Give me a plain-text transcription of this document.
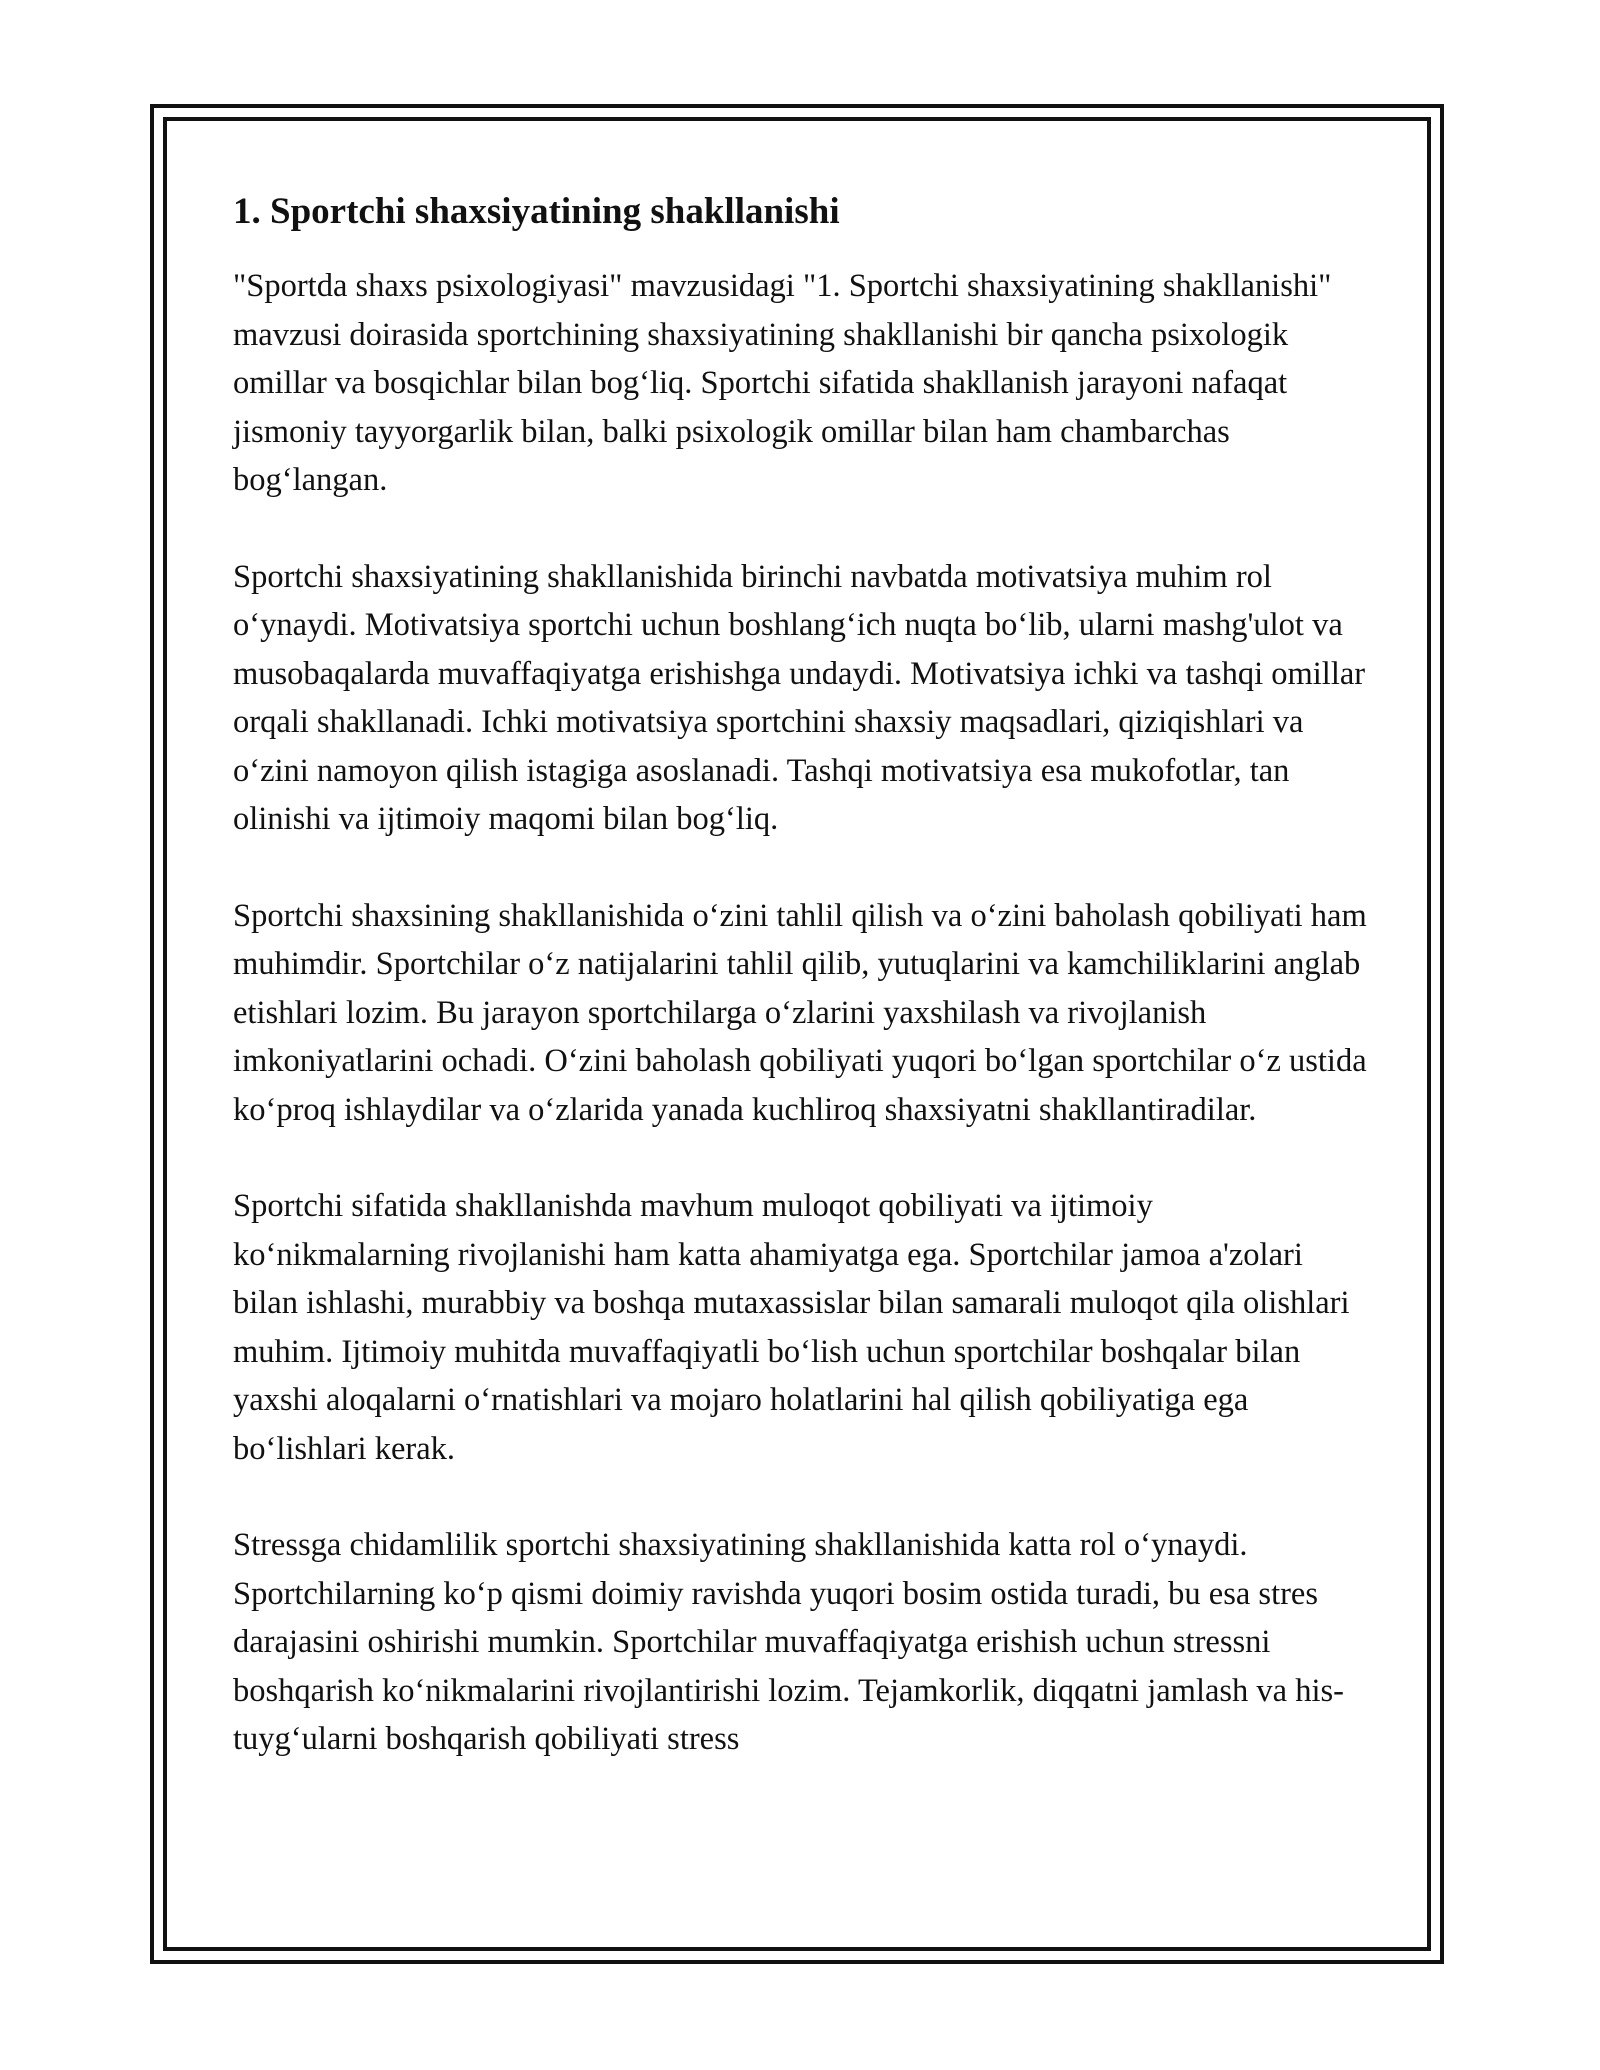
1. Sportchi shaxsiyatining shakllanishi

"Sportda shaxs psixologiyasi" mavzusidagi "1. Sportchi shaxsiyatining shakllanishi" mavzusi doirasida sportchining shaxsiyatining shakllanishi bir qancha psixologik omillar va bosqichlar bilan bog‘liq. Sportchi sifatida shakllanish jarayoni nafaqat jismoniy tayyorgarlik bilan, balki psixologik omillar bilan ham chambarchas bog‘langan.

Sportchi shaxsiyatining shakllanishida birinchi navbatda motivatsiya muhim rol o‘ynaydi. Motivatsiya sportchi uchun boshlang‘ich nuqta bo‘lib, ularni mashg'ulot va musobaqalarda muvaffaqiyatga erishishga undaydi. Motivatsiya ichki va tashqi omillar orqali shakllanadi. Ichki motivatsiya sportchini shaxsiy maqsadlari, qiziqishlari va o‘zini namoyon qilish istagiga asoslanadi. Tashqi motivatsiya esa mukofotlar, tan olinishi va ijtimoiy maqomi bilan bog‘liq.

Sportchi shaxsining shakllanishida o‘zini tahlil qilish va o‘zini baholash qobiliyati ham muhimdir. Sportchilar o‘z natijalarini tahlil qilib, yutuqlarini va kamchiliklarini anglab etishlari lozim. Bu jarayon sportchilarga o‘zlarini yaxshilash va rivojlanish imkoniyatlarini ochadi. O‘zini baholash qobiliyati yuqori bo‘lgan sportchilar o‘z ustida ko‘proq ishlaydilar va o‘zlarida yanada kuchliroq shaxsiyatni shakllantiradilar.

Sportchi sifatida shakllanishda mavhum muloqot qobiliyati va ijtimoiy ko‘nikmalarning rivojlanishi ham katta ahamiyatga ega. Sportchilar jamoa a'zolari bilan ishlashi, murabbiy va boshqa mutaxassislar bilan samarali muloqot qila olishlari muhim. Ijtimoiy muhitda muvaffaqiyatli bo‘lish uchun sportchilar boshqalar bilan yaxshi aloqalarni o‘rnatishlari va mojaro holatlarini hal qilish qobiliyatiga ega bo‘lishlari kerak.

Stressga chidamlilik sportchi shaxsiyatining shakllanishida katta rol o‘ynaydi. Sportchilarning ko‘p qismi doimiy ravishda yuqori bosim ostida turadi, bu esa stres darajasini oshirishi mumkin. Sportchilar muvaffaqiyatga erishish uchun stressni boshqarish ko‘nikmalarini rivojlantirishi lozim. Tejamkorlik, diqqatni jamlash va his-tuyg‘ularni boshqarish qobiliyati stress
